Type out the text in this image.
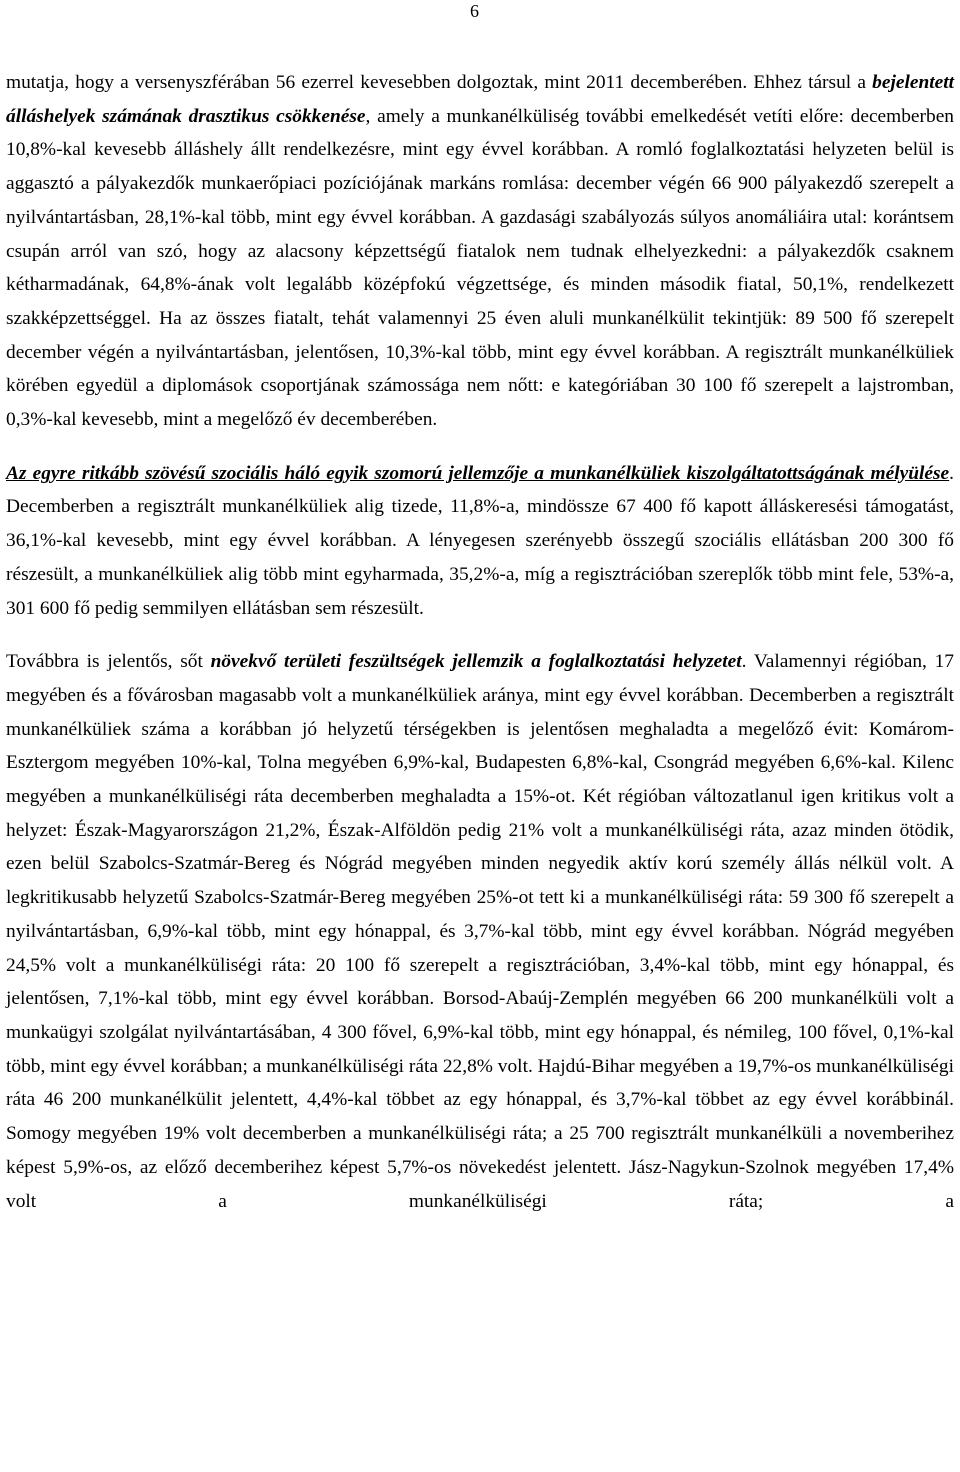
6

mutatja, hogy a versenyszférában 56 ezerrel kevesebben dolgoztak, mint 2011 decemberében. Ehhez társul a bejelentett álláshelyek számának drasztikus csökkenése, amely a munkanélküliség további emelkedését vetíti előre: decemberben 10,8%-kal kevesebb álláshely állt rendelkezésre, mint egy évvel korábban. A romló foglalkoztatási helyzeten belül is aggasztó a pályakezdők munkaerőpiaci pozíciójának markáns romlása: december végén 66 900 pályakezdő szerepelt a nyilvántartásban, 28,1%-kal több, mint egy évvel korábban. A gazdasági szabályozás súlyos anomáliáira utal: korántsem csupán arról van szó, hogy az alacsony képzettségű fiatalok nem tudnak elhelyezkedni: a pályakezdők csaknem kétharmadának, 64,8%-ának volt legalább középfokú végzettsége, és minden második fiatal, 50,1%, rendelkezett szakképzettséggel. Ha az összes fiatalt, tehát valamennyi 25 éven aluli munkanélkülit tekintjük: 89 500 fő szerepelt december végén a nyilvántartásban, jelentősen, 10,3%-kal több, mint egy évvel korábban. A regisztrált munkanélküliek körében egyedül a diplomások csoportjának számossága nem nőtt: e kategóriában 30 100 fő szerepelt a lajstromban, 0,3%-kal kevesebb, mint a megelőző év decemberében.

Az egyre ritkább szövésű szociális háló egyik szomorú jellemzője a munkanélküliek kiszolgáltatottságának mélyülése. Decemberben a regisztrált munkanélküliek alig tizede, 11,8%-a, mindössze 67 400 fő kapott álláskeresési támogatást, 36,1%-kal kevesebb, mint egy évvel korábban. A lényegesen szerényebb összegű szociális ellátásban 200 300 fő részesült, a munkanélküliek alig több mint egyharmada, 35,2%-a, míg a regisztrációban szereplők több mint fele, 53%-a, 301 600 fő pedig semmilyen ellátásban sem részesült.

Továbbra is jelentős, sőt növekvő területi feszültségek jellemzik a foglalkoztatási helyzetet. Valamennyi régióban, 17 megyében és a fővárosban magasabb volt a munkanélküliek aránya, mint egy évvel korábban. Decemberben a regisztrált munkanélküliek száma a korábban jó helyzetű térségekben is jelentősen meghaladta a megelőző évit: Komárom-Esztergom megyében 10%-kal, Tolna megyében 6,9%-kal, Budapesten 6,8%-kal, Csongrád megyében 6,6%-kal. Kilenc megyében a munkanélküliségi ráta decemberben meghaladta a 15%-ot. Két régióban változatlanul igen kritikus volt a helyzet: Észak-Magyarországon 21,2%, Észak-Alföldön pedig 21% volt a munkanélküliségi ráta, azaz minden ötödik, ezen belül Szabolcs-Szatmár-Bereg és Nógrád megyében minden negyedik aktív korú személy állás nélkül volt. A legkritikusabb helyzetű Szabolcs-Szatmár-Bereg megyében 25%-ot tett ki a munkanélküliségi ráta: 59 300 fő szerepelt a nyilvántartásban, 6,9%-kal több, mint egy hónappal, és 3,7%-kal több, mint egy évvel korábban. Nógrád megyében 24,5% volt a munkanélküliségi ráta: 20 100 fő szerepelt a regisztrációban, 3,4%-kal több, mint egy hónappal, és jelentősen, 7,1%-kal több, mint egy évvel korábban. Borsod-Abaúj-Zemplén megyében 66 200 munkanélküli volt a munkaügyi szolgálat nyilvántartásában, 4 300 fővel, 6,9%-kal több, mint egy hónappal, és némileg, 100 fővel, 0,1%-kal több, mint egy évvel korábban; a munkanélküliségi ráta 22,8% volt. Hajdú-Bihar megyében a 19,7%-os munkanélküliségi ráta 46 200 munkanélkülit jelentett, 4,4%-kal többet az egy hónappal, és 3,7%-kal többet az egy évvel korábbinál. Somogy megyében 19% volt decemberben a munkanélküliségi ráta; a 25 700 regisztrált munkanélküli a novemberihez képest 5,9%-os, az előző decemberihez képest 5,7%-os növekedést jelentett. Jász-Nagykun-Szolnok megyében 17,4% volt a munkanélküliségi ráta; a
